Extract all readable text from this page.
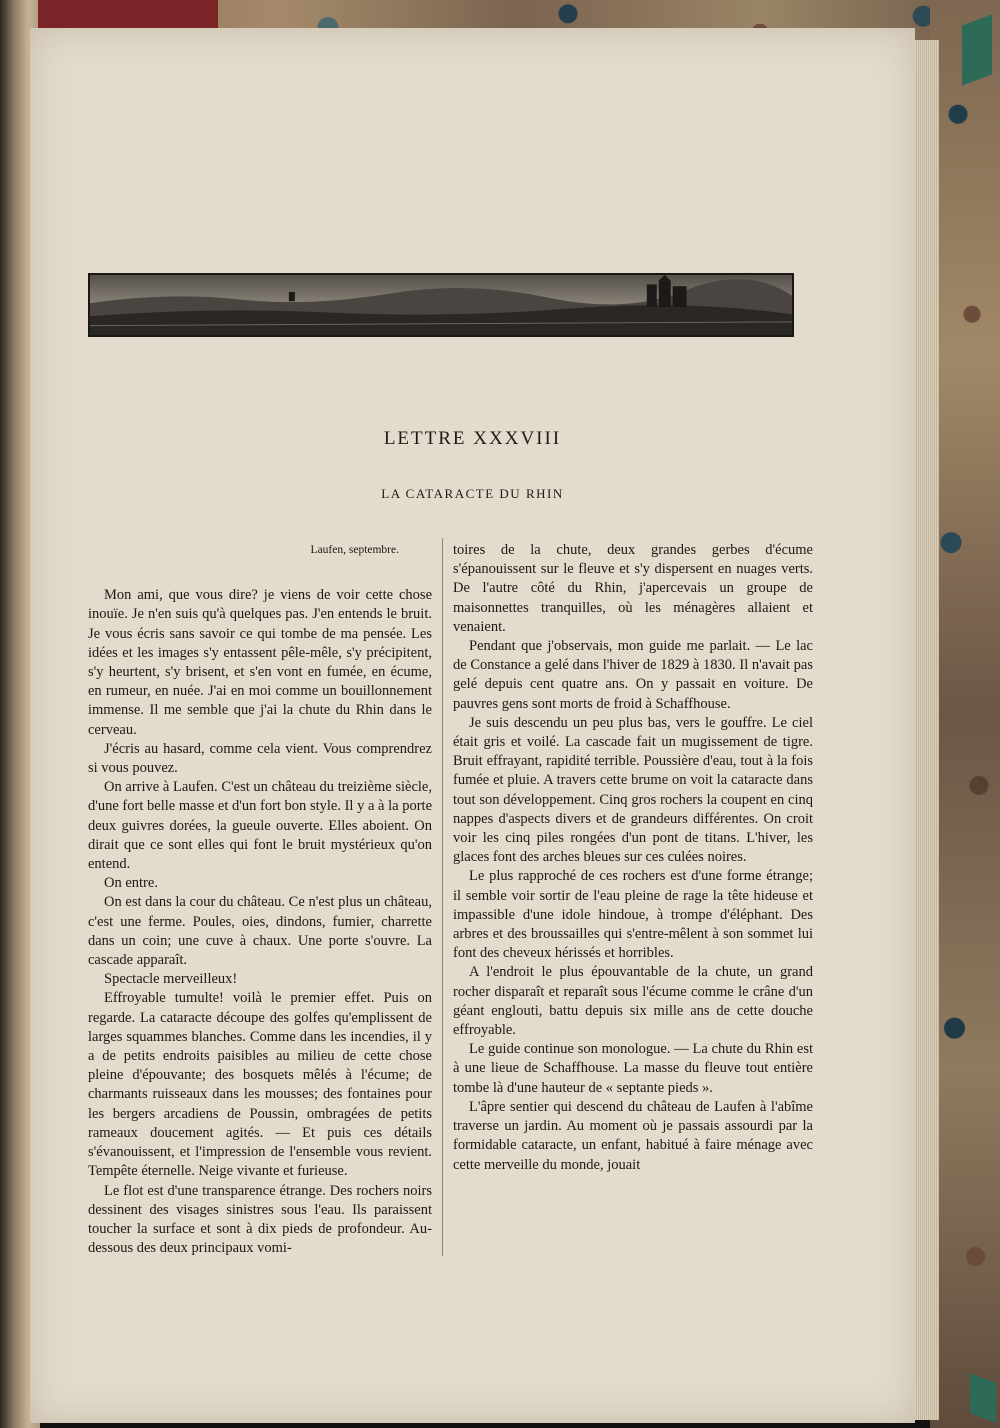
LETTRE XXXVIII
LA CATARACTE DU RHIN

Laufen, septembre.

Mon ami, que vous dire? je viens de voir cette chose inouïe. Je n'en suis qu'à quelques pas. J'en entends le bruit. Je vous écris sans savoir ce qui tombe de ma pensée. Les idées et les images s'y entassent pêle-mêle, s'y précipitent, s'y heurtent, s'y brisent, et s'en vont en fumée, en écume, en rumeur, en nuée. J'ai en moi comme un bouillonnement immense. Il me semble que j'ai la chute du Rhin dans le cerveau.

J'écris au hasard, comme cela vient. Vous comprendrez si vous pouvez.

On arrive à Laufen. C'est un château du treizième siècle, d'une fort belle masse et d'un fort bon style. Il y a à la porte deux guivres dorées, la gueule ouverte. Elles aboient. On dirait que ce sont elles qui font le bruit mystérieux qu'on entend.

On entre.

On est dans la cour du château. Ce n'est plus un château, c'est une ferme. Poules, oies, dindons, fumier, charrette dans un coin; une cuve à chaux. Une porte s'ouvre. La cascade apparaît.

Spectacle merveilleux!

Effroyable tumulte! voilà le premier effet. Puis on regarde. La cataracte découpe des golfes qu'emplissent de larges squammes blanches. Comme dans les incendies, il y a de petits endroits paisibles au milieu de cette chose pleine d'épouvante; des bosquets mêlés à l'écume; de charmants ruisseaux dans les mousses; des fontaines pour les bergers arcadiens de Poussin, ombragées de petits rameaux doucement agités. — Et puis ces détails s'évanouissent, et l'impression de l'ensemble vous revient. Tempête éternelle. Neige vivante et furieuse.

Le flot est d'une transparence étrange. Des rochers noirs dessinent des visages sinistres sous l'eau. Ils paraissent toucher la surface et sont à dix pieds de profondeur. Au-dessous des deux principaux vomi-

toires de la chute, deux grandes gerbes d'écume s'épanouissent sur le fleuve et s'y dispersent en nuages verts. De l'autre côté du Rhin, j'apercevais un groupe de maisonnettes tranquilles, où les ménagères allaient et venaient.

Pendant que j'observais, mon guide me parlait. — Le lac de Constance a gelé dans l'hiver de 1829 à 1830. Il n'avait pas gelé depuis cent quatre ans. On y passait en voiture. De pauvres gens sont morts de froid à Schaffhouse.

Je suis descendu un peu plus bas, vers le gouffre. Le ciel était gris et voilé. La cascade fait un mugissement de tigre. Bruit effrayant, rapidité terrible. Poussière d'eau, tout à la fois fumée et pluie. A travers cette brume on voit la cataracte dans tout son développement. Cinq gros rochers la coupent en cinq nappes d'aspects divers et de grandeurs différentes. On croit voir les cinq piles rongées d'un pont de titans. L'hiver, les glaces font des arches bleues sur ces culées noires.

Le plus rapproché de ces rochers est d'une forme étrange; il semble voir sortir de l'eau pleine de rage la tête hideuse et impassible d'une idole hindoue, à trompe d'éléphant. Des arbres et des broussailles qui s'entre-mêlent à son sommet lui font des cheveux hérissés et horribles.

A l'endroit le plus épouvantable de la chute, un grand rocher disparaît et reparaît sous l'écume comme le crâne d'un géant englouti, battu depuis six mille ans de cette douche effroyable.

Le guide continue son monologue. — La chute du Rhin est à une lieue de Schaffhouse. La masse du fleuve tout entière tombe là d'une hauteur de « septante pieds ».

L'âpre sentier qui descend du château de Laufen à l'abîme traverse un jardin. Au moment où je passais assourdi par la formidable cataracte, un enfant, habitué à faire ménage avec cette merveille du monde, jouait
